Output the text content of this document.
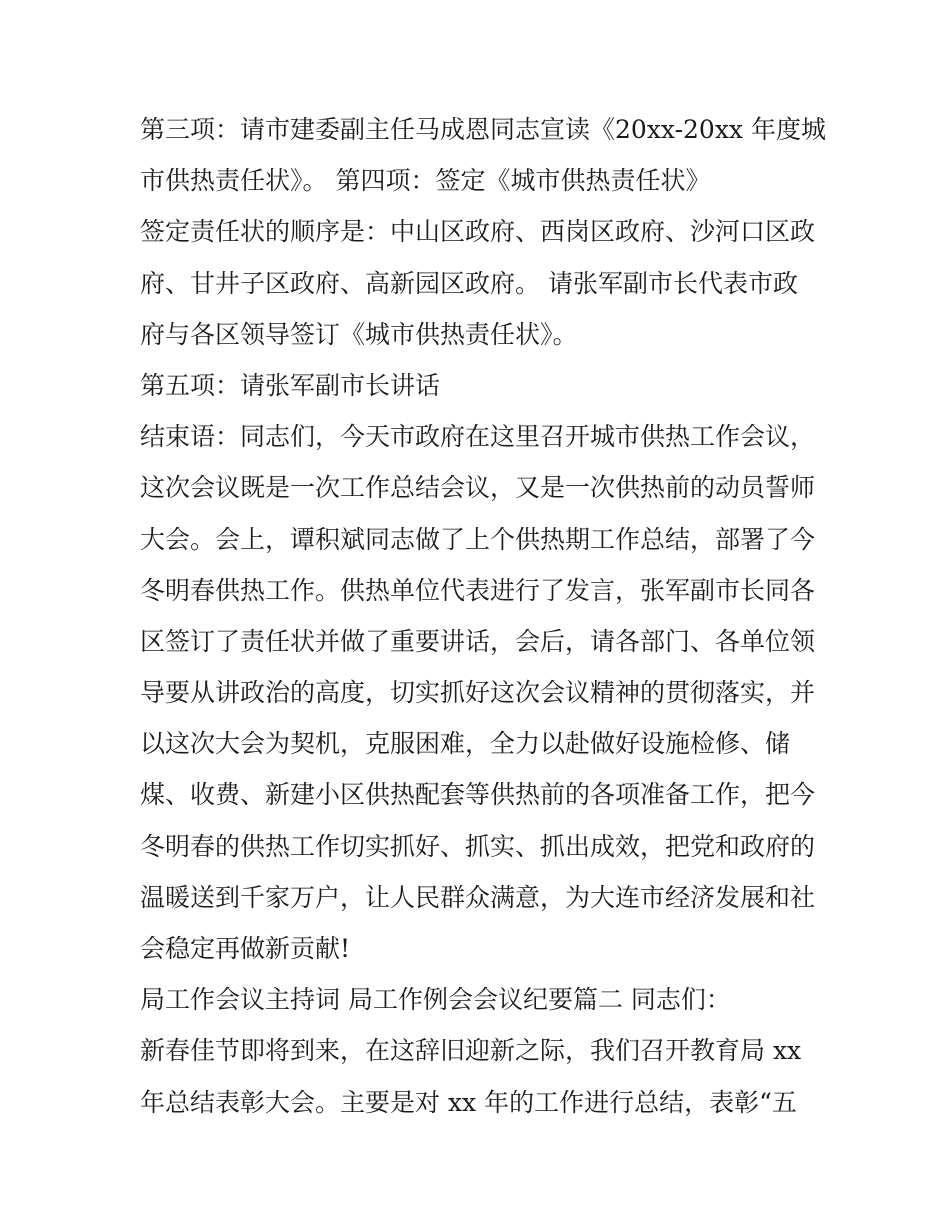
第三项：请市建委副主任马成恩同志宣读《20xx-20xx 年度城
市供热责任状》。 第四项：签定《城市供热责任状》
签定责任状的顺序是：中山区政府、西岗区政府、沙河口区政
府、甘井子区政府、高新园区政府。 请张军副市长代表市政
府与各区领导签订《城市供热责任状》。
第五项：请张军副市长讲话
结束语：同志们，今天市政府在这里召开城市供热工作会议，
这次会议既是一次工作总结会议，又是一次供热前的动员誓师
大会。会上，谭积斌同志做了上个供热期工作总结，部署了今
冬明春供热工作。供热单位代表进行了发言，张军副市长同各
区签订了责任状并做了重要讲话，会后，请各部门、各单位领
导要从讲政治的高度，切实抓好这次会议精神的贯彻落实，并
以这次大会为契机，克服困难，全力以赴做好设施检修、储
煤、收费、新建小区供热配套等供热前的各项准备工作，把今
冬明春的供热工作切实抓好、抓实、抓出成效，把党和政府的
温暖送到千家万户，让人民群众满意，为大连市经济发展和社
会稳定再做新贡献!
局工作会议主持词 局工作例会会议纪要篇二 同志们：
新春佳节即将到来，在这辞旧迎新之际，我们召开教育局 xx
年总结表彰大会。主要是对 xx 年的工作进行总结，表彰“五
